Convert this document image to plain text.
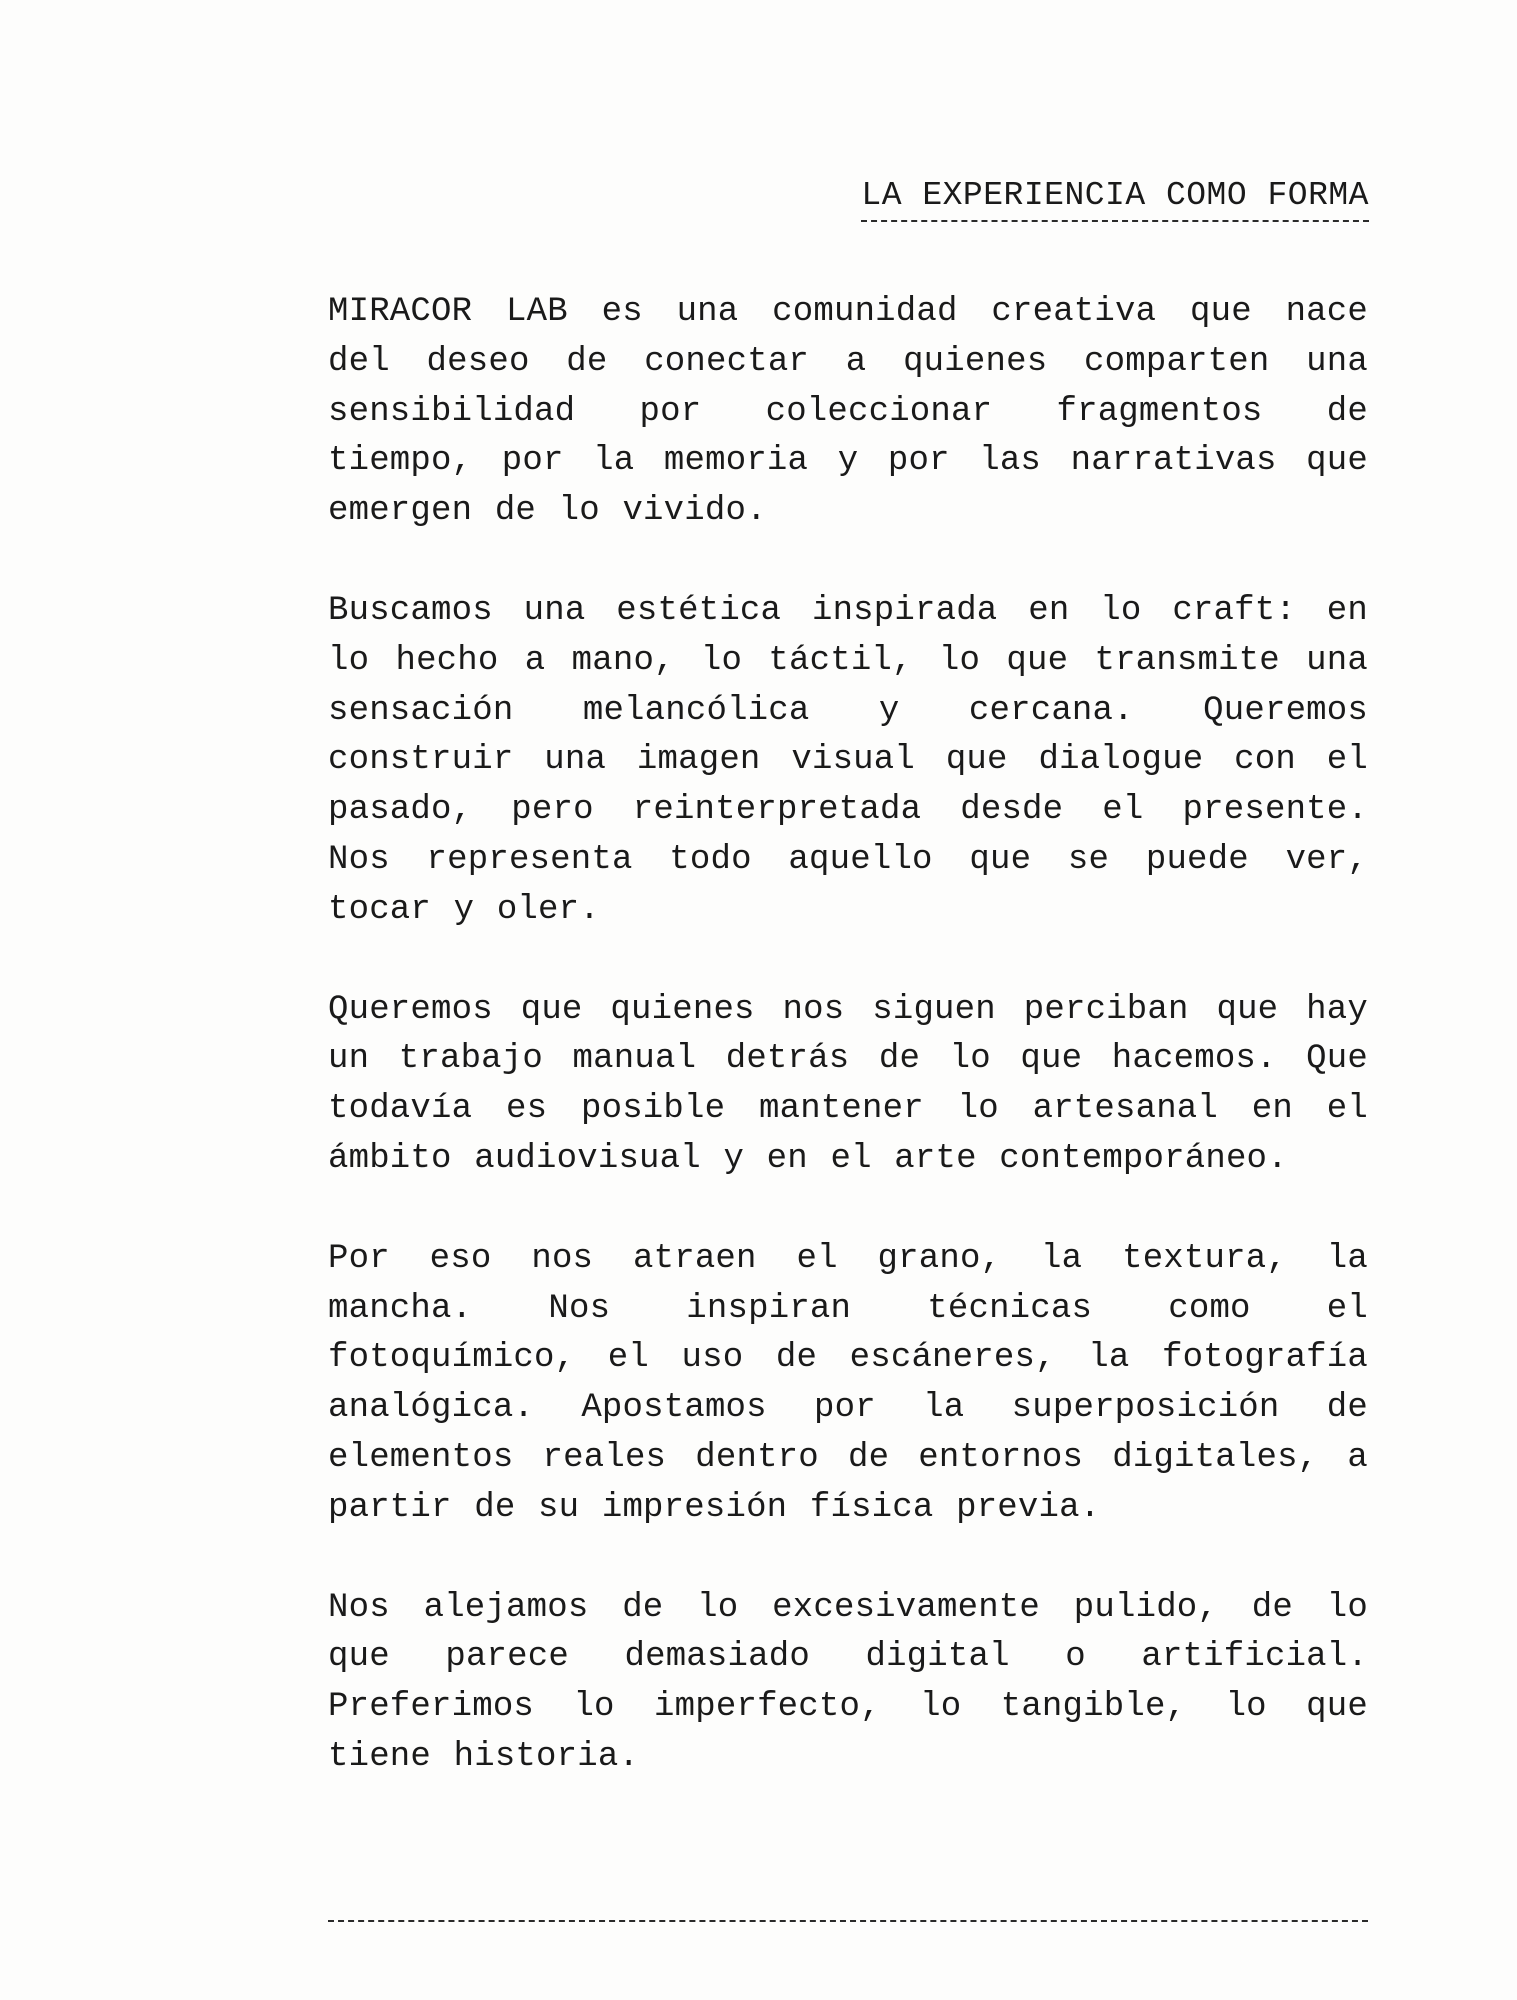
LA EXPERIENCIA COMO FORMA

MIRACOR LAB es una comunidad creativa que nace del deseo de conectar a quienes comparten una sensibilidad por coleccionar fragmentos de tiempo, por la memoria y por las narrativas que emergen de lo vivido.

Buscamos una estética inspirada en lo craft: en lo hecho a mano, lo táctil, lo que transmite una sensación melancólica y cercana. Queremos construir una imagen visual que dialogue con el pasado, pero reinterpretada desde el presente. Nos representa todo aquello que se puede ver, tocar y oler.

Queremos que quienes nos siguen perciban que hay un trabajo manual detrás de lo que hacemos. Que todavía es posible mantener lo artesanal en el ámbito audiovisual y en el arte contemporáneo.

Por eso nos atraen el grano, la textura, la mancha. Nos inspiran técnicas como el fotoquímico, el uso de escáneres, la fotografía analógica. Apostamos por la superposición de elementos reales dentro de entornos digitales, a partir de su impresión física previa.

Nos alejamos de lo excesivamente pulido, de lo que parece demasiado digital o artificial. Preferimos lo imperfecto, lo tangible, lo que tiene historia.
